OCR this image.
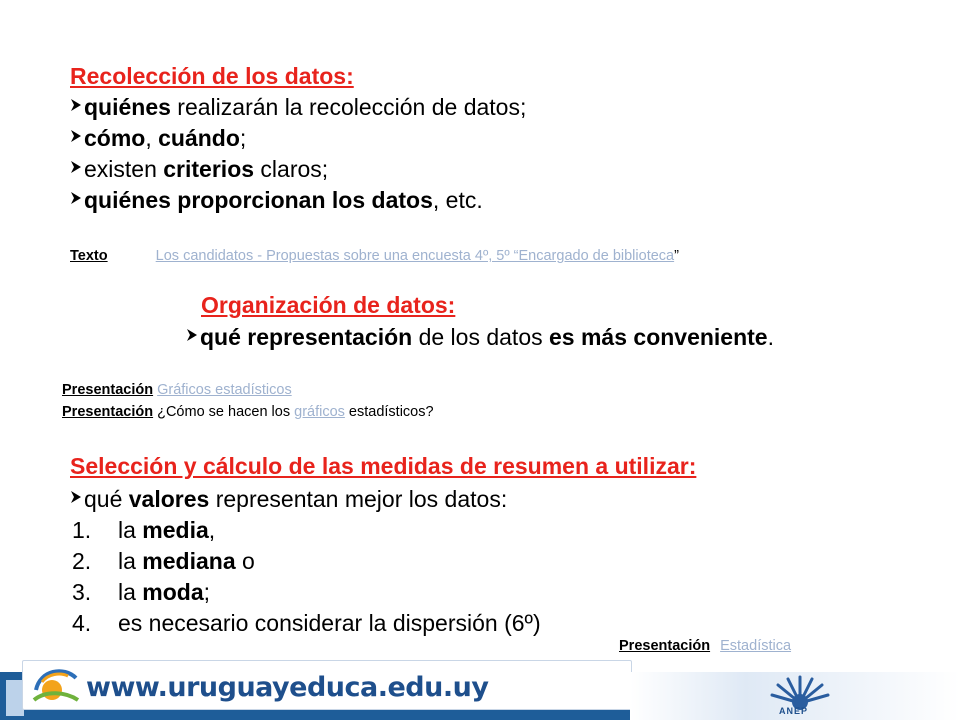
Recolección de los datos:
quiénes realizarán la recolección de datos;
cómo, cuándo;
existen criterios claros;
quiénes proporcionan los datos, etc.
Texto	Los candidatos - Propuestas sobre una encuesta 4º, 5º “Encargado de biblioteca”
Organización de datos:
qué representación de los datos es más conveniente.
Presentación Gráficos estadísticos
Presentación ¿Cómo se hacen los gráficos estadísticos?
Selección y cálculo de las medidas de resumen a utilizar:
qué valores representan mejor los datos:
1. la media,
2. la mediana o
3. la moda;
4. es necesario considerar la dispersión (6º)
Presentación Estadística
www.uruguayeduca.edu.uy
ANEP
